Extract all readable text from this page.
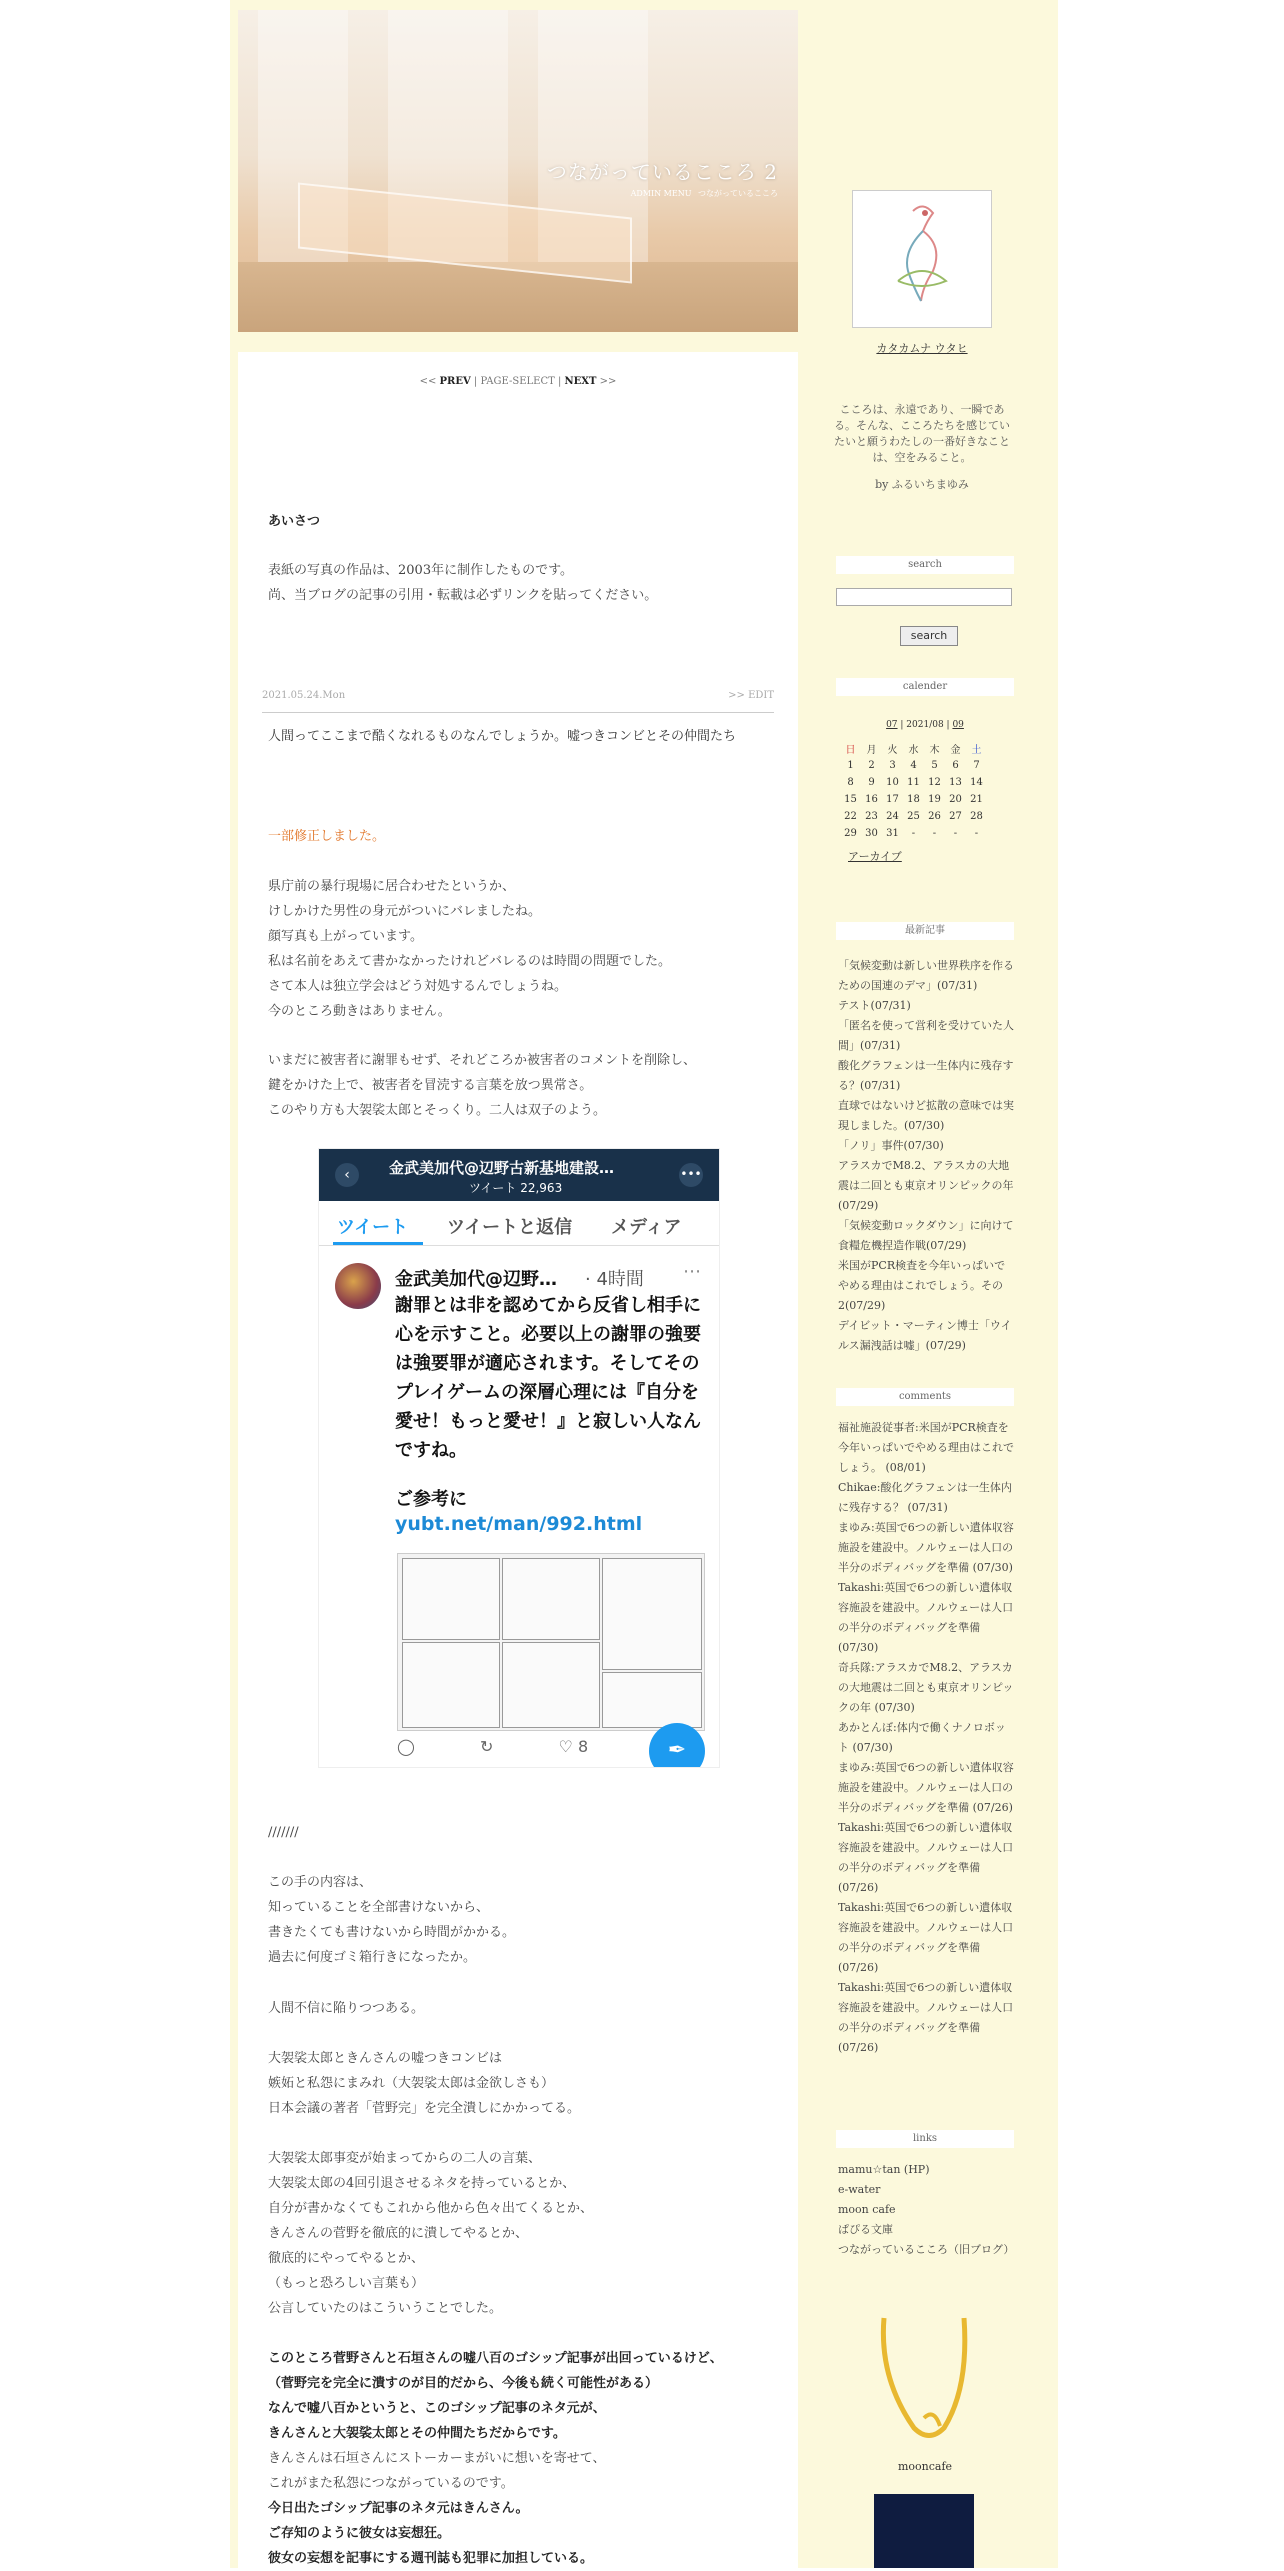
つながっているこころ 2
ADMIN MENU つながっているこころ
<< PREV | PAGE-SELECT | NEXT >>
あいさつ
表紙の写真の作品は、2003年に制作したものです。
尚、当ブログの記事の引用・転載は必ずリンクを貼ってください。
2021.05.24.Mon	>> EDIT
人間ってここまで酷くなれるものなんでしょうか。嘘つきコンビとその仲間たち
一部修正しました。
県庁前の暴行現場に居合わせたというか、
けしかけた男性の身元がついにバレましたね。
顔写真も上がっています。
私は名前をあえて書かなかったけれどバレるのは時間の問題でした。
さて本人は独立学会はどう対処するんでしょうね。
今のところ動きはありません。
いまだに被害者に謝罪もせず、それどころか被害者のコメントを削除し、
鍵をかけた上で、被害者を冒涜する言葉を放つ異常さ。
このやり方も大袈裟太郎とそっくり。二人は双子のよう。
‹	金武美加代@辺野古新基地建設…
ツイート 22,963
•••
ツイート ツイートと返信 メディア
金武美加代@辺野… · 4時間 ⋯
謝罪とは非を認めてから反省し相手に心を示すこと。必要以上の謝罪の強要は強要罪が適応されます。そしてそのプレイゲームの深層心理には『自分を愛せ！もっと愛せ！』と寂しい人なんですね。
ご参考に
yubt.net/man/992.html
◯	↻	♡ 8	✒
///////
この手の内容は、
知っていることを全部書けないから、
書きたくても書けないから時間がかかる。
過去に何度ゴミ箱行きになったか。
人間不信に陥りつつある。
大袈裟太郎ときんさんの嘘つきコンビは
嫉妬と私怨にまみれ（大袈裟太郎は金欲しさも）
日本会議の著者「菅野完」を完全潰しにかかってる。
大袈裟太郎事変が始まってからの二人の言葉、
大袈裟太郎の4回引退させるネタを持っているとか、
自分が書かなくてもこれから他から色々出てくるとか、
きんさんの菅野を徹底的に潰してやるとか、
徹底的にやってやるとか、
（もっと恐ろしい言葉も）
公言していたのはこういうことでした。
このところ菅野さんと石垣さんの嘘八百のゴシップ記事が出回っているけど、
（菅野完を完全に潰すのが目的だから、今後も続く可能性がある）
なんで嘘八百かというと、このゴシップ記事のネタ元が、
きんさんと大袈裟太郎とその仲間たちだからです。
きんさんは石垣さんにストーカーまがいに想いを寄せて、
これがまた私怨につながっているのです。
今日出たゴシップ記事のネタ元はきんさん。
ご存知のように彼女は妄想狂。
彼女の妄想を記事にする週刊誌も犯罪に加担している。
カタカムナ ウタヒ
こころは、永遠であり、一瞬である。そんな、こころたちを感じていたいと願うわたしの一番好きなことは、空をみること。
by ふるいちまゆみ
search
search
calender
07 | 2021/08 | 09
日	月	火	水	木	金	土
1	2	3	4	5	6	7
8	9	10	11	12	13	14
15	16	17	18	19	20	21
22	23	24	25	26	27	28
29	30	31	-	-	-	-
アーカイブ
最新記事
「気候変動は新しい世界秩序を作るための国連のデマ」(07/31)
テスト(07/31)
「匿名を使って営利を受けていた人間」(07/31)
酸化グラフェンは一生体内に残存する？(07/31)
直球ではないけど拡散の意味では実現しました。(07/30)
「ノリ」事件(07/30)
アラスカでM8.2、アラスカの大地震は二回とも東京オリンピックの年(07/29)
「気候変動ロックダウン」に向けて食糧危機捏造作戦(07/29)
米国がPCR検査を今年いっぱいでやめる理由はこれでしょう。その2(07/29)
デイビット・マーティン博士「ウイルス漏洩話は嘘」(07/29)
comments
福祉施設従事者:米国がPCR検査を今年いっぱいでやめる理由はこれでしょう。 (08/01)
Chikae:酸化グラフェンは一生体内に残存する？ (07/31)
まゆみ:英国で6つの新しい遺体収容施設を建設中。ノルウェーは人口の半分のボディバッグを準備 (07/30)
Takashi:英国で6つの新しい遺体収容施設を建設中。ノルウェーは人口の半分のボディバッグを準備 (07/30)
奇兵隊:アラスカでM8.2、アラスカの大地震は二回とも東京オリンピックの年 (07/30)
あかとんぼ:体内で働くナノロボット (07/30)
まゆみ:英国で6つの新しい遺体収容施設を建設中。ノルウェーは人口の半分のボディバッグを準備 (07/26)
Takashi:英国で6つの新しい遺体収容施設を建設中。ノルウェーは人口の半分のボディバッグを準備 (07/26)
Takashi:英国で6つの新しい遺体収容施設を建設中。ノルウェーは人口の半分のボディバッグを準備 (07/26)
Takashi:英国で6つの新しい遺体収容施設を建設中。ノルウェーは人口の半分のボディバッグを準備 (07/26)
links
mamu☆tan (HP)
e-water
moon cafe
ぱぴる文庫
つながっているこころ（旧ブログ）
mooncafe
